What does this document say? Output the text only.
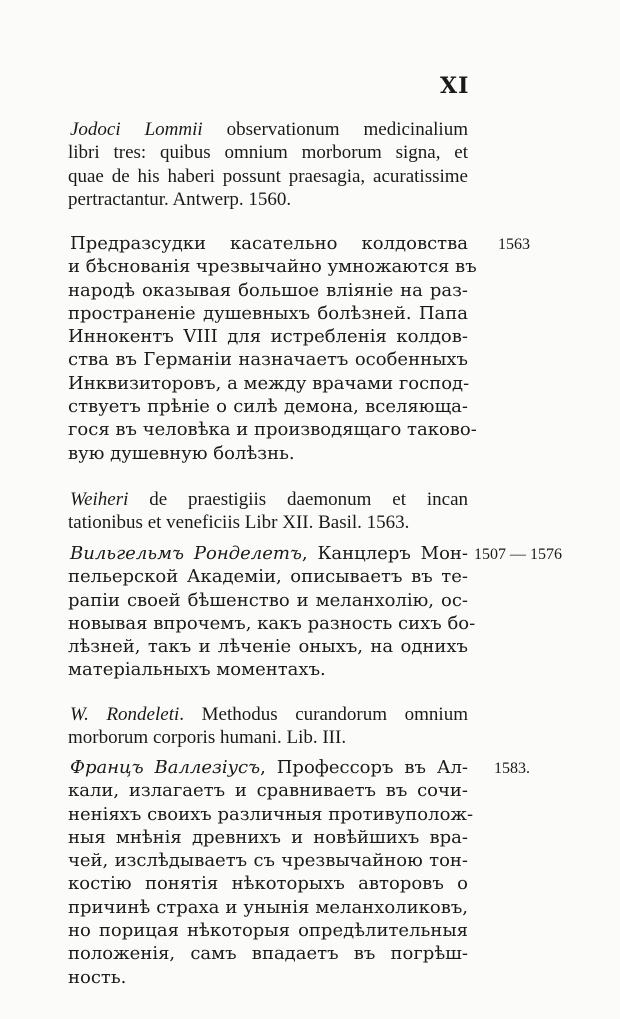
XI
Jodoci Lommii observationum medicinalium
libri tres: quibus omnium morborum signa, et
quae de his haberi possunt praesagia, acuratissime
pertractantur. Antwerp. 1560.
Предразсудки касательно колдовства
и бѣснованія чрезвычайно умножаются въ
народѣ оказывая большое вліяніе на раз-
пространеніе душевныхъ болѣзней. Папа
Иннокентъ VIII для истребленія колдов-
ства въ Германіи назначаетъ особенныхъ
Инквизиторовъ, а между врачами господ-
ствуетъ прѣніе о силѣ демона, вселяюща-
гося въ человѣка и производящаго таково-
вую душевную болѣзнь.
1563
Weiheri de praestigiis daemonum et incan
tationibus et veneficiis Libr XII. Basil. 1563.
Вильгельмъ Ронделетъ, Канцлеръ Мон-
пельерской Академіи, описываетъ въ те-
рапіи своей бѣшенство и меланхолію, ос-
новывая впрочемъ, какъ разность сихъ бо-
лѣзней, такъ и лѣченіе оныхъ, на однихъ
матеріальныхъ моментахъ.
1507 — 1576
W. Rondeleti. Methodus curandorum omnium
morborum corporis humani. Lib. III.
Францъ Валлезіусъ, Профессоръ въ Ал-
кали, излагаетъ и сравниваетъ въ сочи-
неніяхъ своихъ различныя противуполож-
ныя мнѣнія древнихъ и новѣйшихъ вра-
чей, изслѣдываетъ съ чрезвычайною тон-
костію понятія нѣкоторыхъ авторовъ о
причинѣ страха и унынія меланхоликовъ,
но порицая нѣкоторыя опредѣлительныя
положенія, самъ впадаетъ въ погрѣш-
ность.
1583.
